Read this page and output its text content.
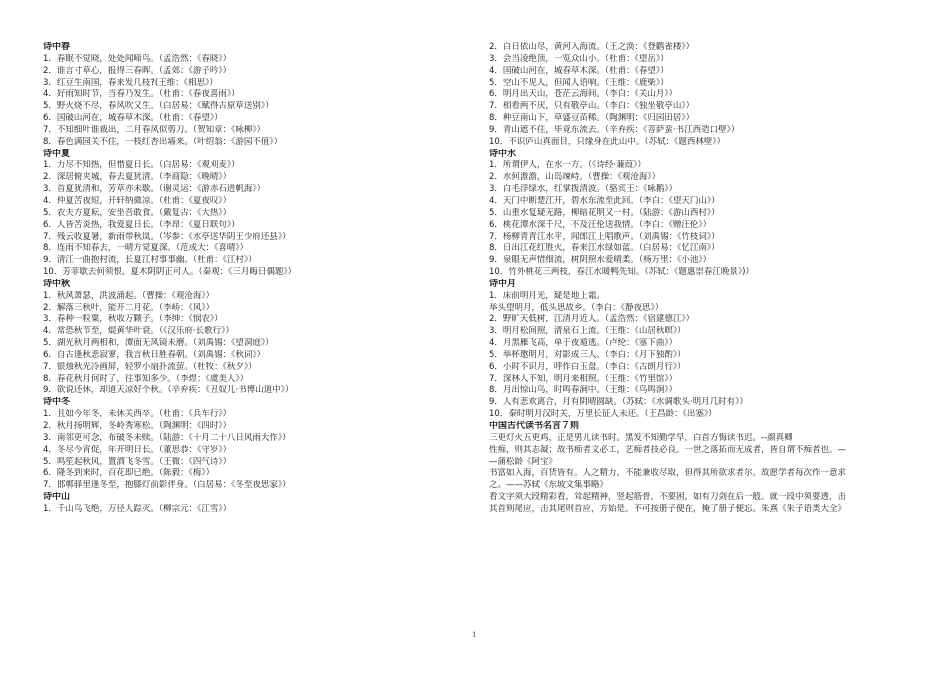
诗中春
1．春眠不觉晓，处处闻啼鸟。（孟浩然：《春晓》）
2．谁言寸草心，报得三春晖。（孟郊：《游子吟》）
3．红豆生南国，春来发几枝?(王维：《相思》）
4．好雨知时节，当春乃发生。（杜甫：《春夜喜雨》）
5．野火烧不尽，春风吹又生。（白居易：《赋得古原草送别》）
6．国破山河在，城春草木深。（杜甫：《春望》）
7．不知细叶谁裁出，二月春风似剪刀。（贺知章：《咏柳》）
8．春色满园关不住，一枝红杏出墙来。（叶绍翁：《游园不值》）
诗中夏
1．力尽不知热，但惜夏日长。（白居易：《观刈麦》）
2．深居俯夹城，春去夏犹清。（李商隐：《晚晴》）
3．首夏犹清和，芳草亦未歇。（谢灵运：《游赤石进帆海》）
4．仲夏苦夜短，开轩纳微凉。（杜甫：《夏夜叹》）
5．农夫方夏耘，安坐吾敢食。（戴复古：《大热》）
6．人皆苦炎热，我爱夏日长。（李昂：《夏日联句》）
7．残云收夏暑，新雨带秋岚。（岑参：《水亭送华阴王少府还县》）
8．连雨不知春去，一晴方觉夏深。（范成大：《喜晴》）
9．清江一曲抱村流，长夏江村事事幽。（杜甫：《江村》）
10．芳菲歇去何须恨，夏木阴阴正可人。（秦观：《三月晦日偶题》）
诗中秋
1．秋风萧瑟，洪波涌起。（曹操：《观沧海》）
2．解落三秋叶，能开二月花。（李峤：《风》）
3．春种一粒粟，秋收万颗子。（李绅：《悯农》）
4．常恐秋节至，焜黄华叶衰。（《汉乐府·长歌行》）
5．湖光秋月两相和，潭面无风镜未磨。（刘禹锡：《望洞庭》）
6．自古逢秋悲寂寥，我言秋日胜春朝。（刘禹锡：《秋词》）
7．银烛秋光冷画屏，轻罗小扇扑流萤。（杜牧：《秋夕》）
8．春花秋月何时了，往事知多少。（李煜：《虞美人》）
9．欲说还休，却道天凉好个秋。（辛弃疾：《丑奴儿·书博山道中》）
诗中冬
1．且如今年冬，未休关西卒。（杜甫：《兵车行》）
2．秋月扬明辉，冬岭秀寒松。（陶渊明：《四时》）
3．南邻更可念，布破冬未赎。（陆游：《十月二十八日风雨大作》）
4．冬尽今宵促，年开明日长。（董思恭：《守岁》）
5．鸣笙起秋风，置酒飞冬雪。（王微：《四气诗》）
6．隆冬到来时，百花即已绝。（陈毅：《梅》）
7．邯郸驿里逢冬至，抱膝灯前影伴身。（白居易：《冬至夜思家》）
诗中山
1．千山鸟飞绝，万径人踪灭。（柳宗元：《江雪》）
2．白日依山尽，黄河入海流。（王之涣：《登鹳雀楼》）
3．会当凌绝顶，一览众山小。（杜甫：《望岳》）
4．国破山河在，城春草木深。（杜甫：《春望》）
5．空山不见人，但闻人语响。（王维：《鹿柴》）
6．明月出天山，苍茫云海间。（李白：《关山月》）
7．相看两不厌，只有敬亭山。（李白：《独坐敬亭山》）
8．种豆南山下，草盛豆苗稀。（陶渊明：《归园田居》）
9．青山遮不住，毕竟东流去。（辛弃疾：《菩萨蛮·书江西造口壁》）
10．不识庐山真面目，只缘身在此山中。（苏轼：《题西林壁》）
诗中水
1．所谓伊人，在水一方。（《诗经·蒹葭》）
2．水何澹澹，山岛竦峙。（曹操：《观沧海》）
3．白毛浮绿水，红掌拨清波。（骆宾王：《咏鹅》）
4．天门中断楚江开，碧水东流至此回。（李白：《望天门山》）
5．山重水复疑无路，柳暗花明又一村。（陆游：《游山西村》）
6．桃花潭水深千尺，不及汪伦送我情。（李白：《赠汪伦》）
7．杨柳青青江水平，闻郎江上唱歌声。（刘禹锡：《竹枝词》）
8．日出江花红胜火，春来江水绿如蓝。（白居易：《忆江南》）
9．泉眼无声惜细流，树阴照水爱晴柔。（杨万里：《小池》）
10．竹外桃花三两枝，春江水暖鸭先知。（苏轼：《题惠崇春江晚景》)）
诗中月
1．床前明月光，疑是地上霜。
举头望明月，低头思故乡。（李白：《静夜思》）
2．野旷天低树，江清月近人。（孟浩然：《宿建德江》）
3．明月松间照，清泉石上流。（王维：《山居秋暝》）
4．月黑雁飞高，单于夜遁逃。（卢纶：《塞下曲》）
5．举杯邀明月，对影成三人。（李白：《月下独酌》）
6．小时不识月，呼作白玉盘。（李白：《古朗月行》）
7．深林人不知，明月来相照。（王维：《竹里馆》）
8．月出惊山鸟，时鸣春涧中。（王维：《鸟鸣涧》）
9．人有悲欢离合，月有阴晴圆缺。（苏轼：《水调歌头·明月几时有》）
10．秦时明月汉时关，万里长征人未还。（王昌龄：《出塞》）
中国古代读书名言７则
三更灯火五更鸡，正是男儿读书时。黑发不知勤学早，白首方悔读书迟。--颜真卿
性痴，则其志凝；故书痴者文必工，艺痴者技必良。一世之落拓而无成者，皆自谓不痴者也。—
—蒲松龄《阿宝》
书富如入海，百货皆有。人之精力，不能兼收尽取，但得其所欲求者尔。故愿学者每次作一意求
之。——苏轼《东坡文集事略》
看文字须大段精彩看，耸起精神，竖起筋骨，不要困，如有刀剑在后一般。就一段中须要透，击
其首则尾应，击其尾则首应，方始是。不可按册子便在，掩了册子便忘。朱熹《朱子语类大全》
1
